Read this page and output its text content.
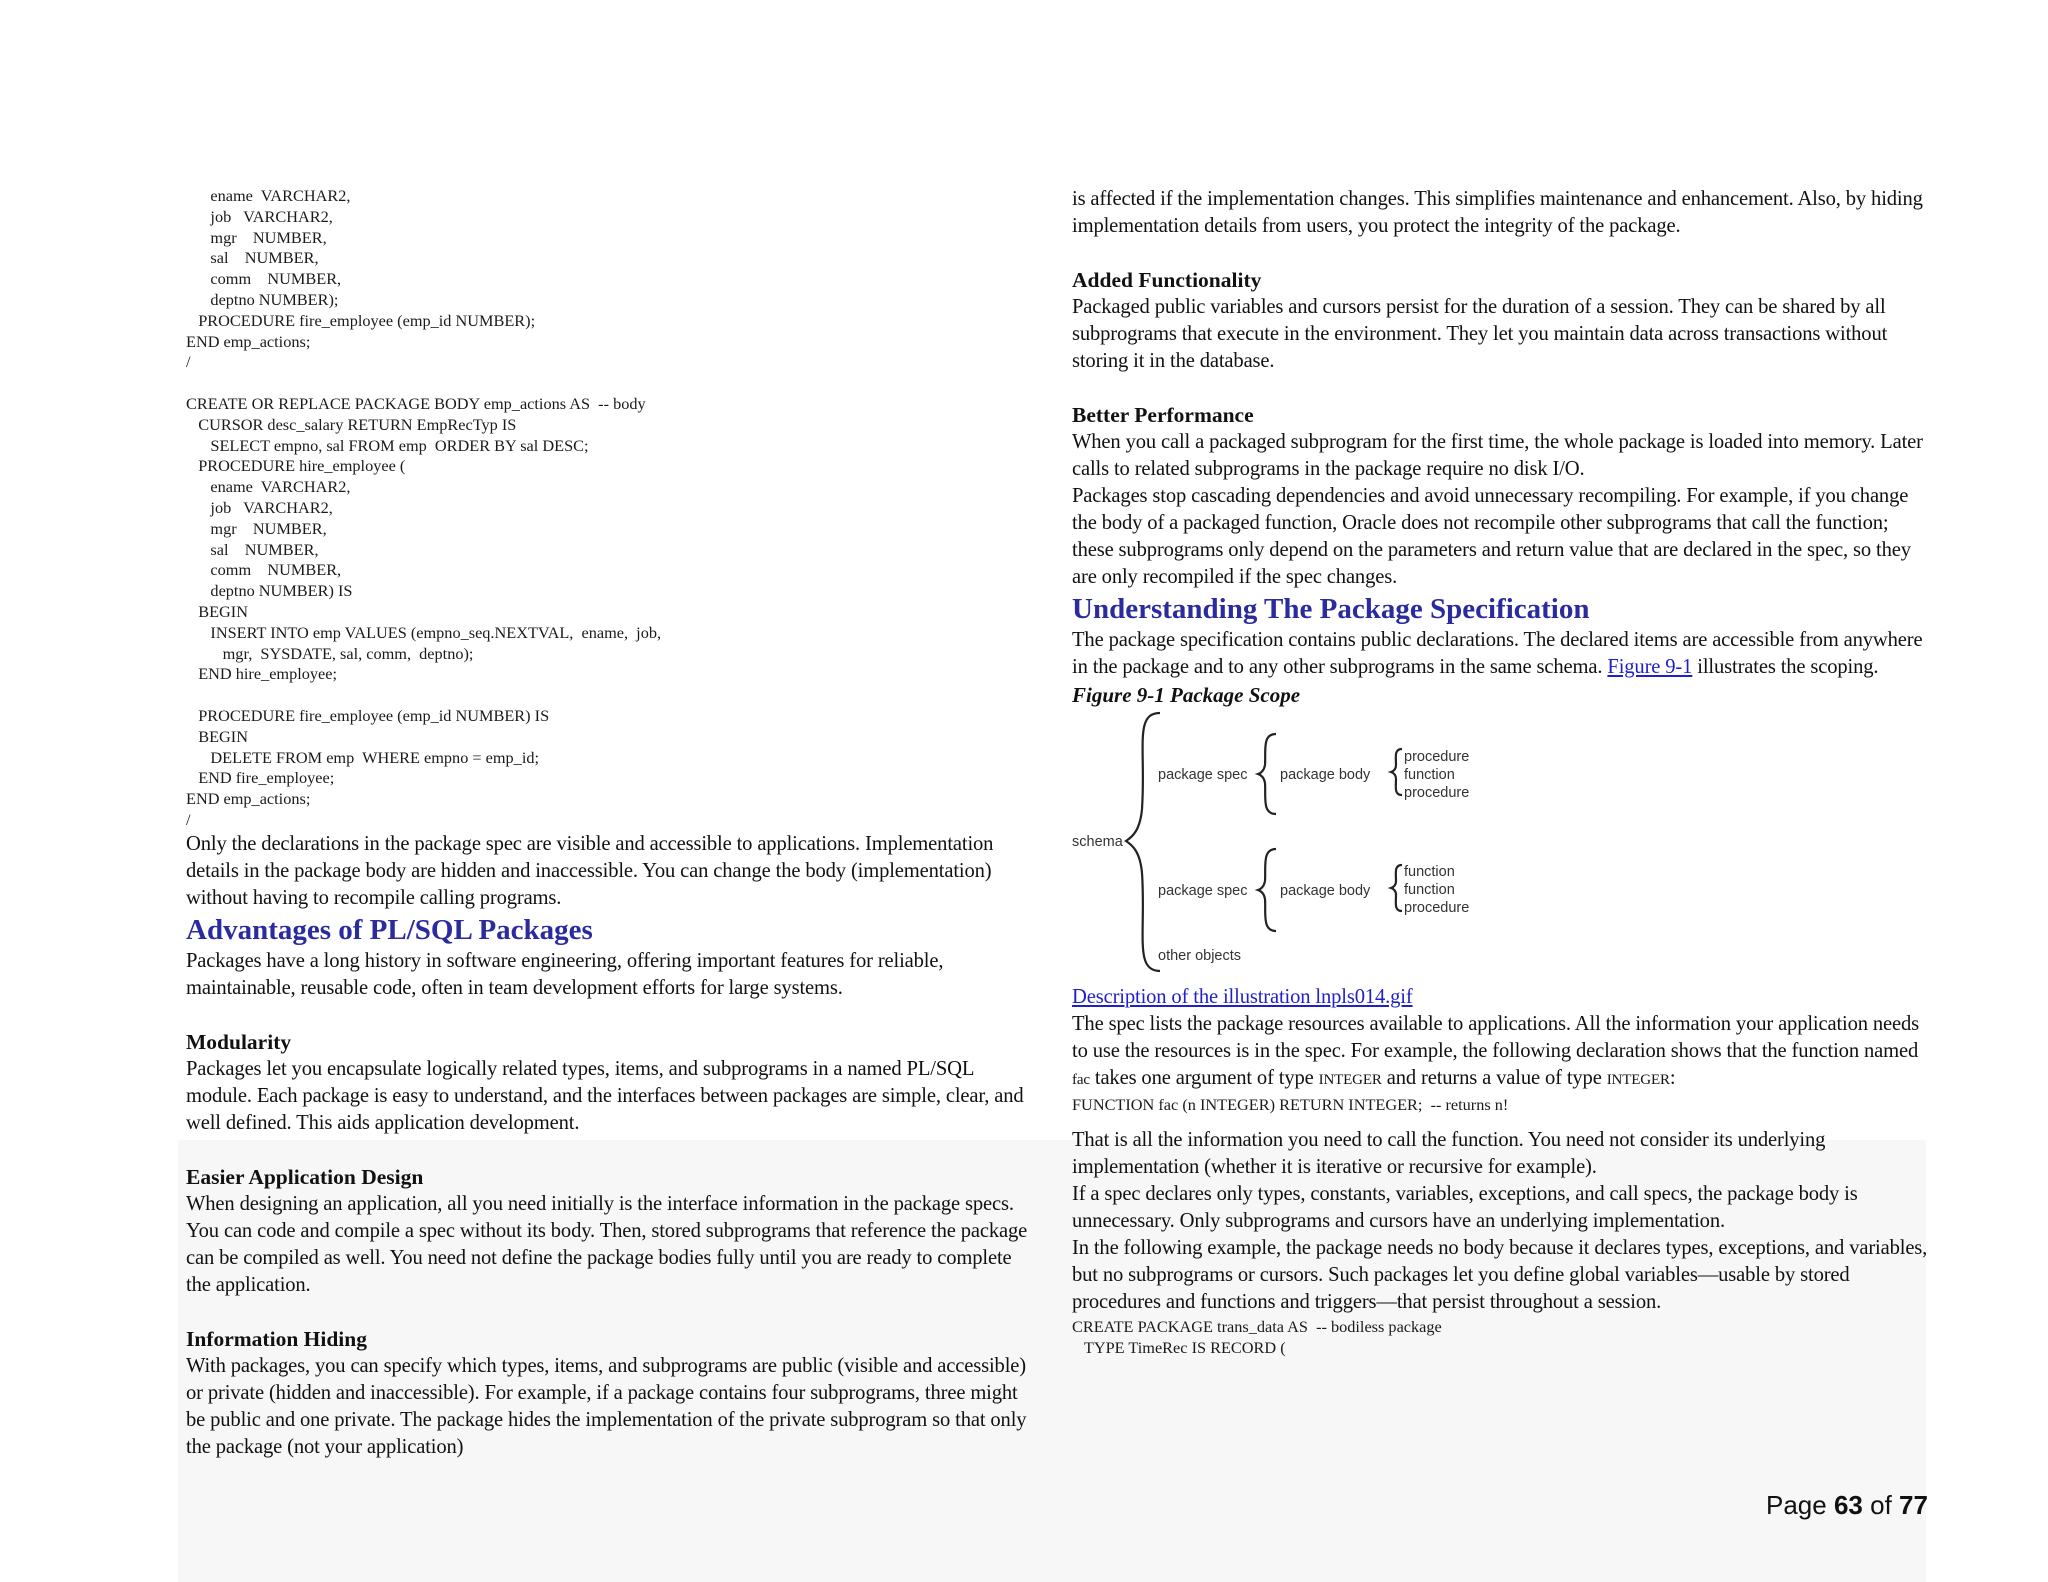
ename  VARCHAR2,
job   VARCHAR2,
mgr    NUMBER,
sal    NUMBER,
comm    NUMBER,
deptno NUMBER);
PROCEDURE fire_employee (emp_id NUMBER);
END emp_actions;
/

CREATE OR REPLACE PACKAGE BODY emp_actions AS  -- body
CURSOR desc_salary RETURN EmpRecTyp IS
SELECT empno, sal FROM emp  ORDER BY sal DESC;
PROCEDURE hire_employee (
ename  VARCHAR2,
job   VARCHAR2,
mgr    NUMBER,
sal    NUMBER,
comm    NUMBER,
deptno NUMBER) IS
BEGIN
INSERT INTO emp VALUES (empno_seq.NEXTVAL,  ename,  job,
mgr,  SYSDATE, sal, comm,  deptno);
END hire_employee;

PROCEDURE fire_employee (emp_id NUMBER) IS
BEGIN
DELETE FROM emp  WHERE empno = emp_id;
END fire_employee;
END emp_actions;
/

Only the declarations in the package spec are visible and accessible to applications. Implementation details in the package body are hidden and inaccessible. You can change the body (implementation) without having to recompile calling programs.

Advantages of PL/SQL Packages

Packages have a long history in software engineering, offering important features for reliable, maintainable, reusable code, often in team development efforts for large systems.

Modularity

Packages let you encapsulate logically related types, items, and subprograms in a named PL/SQL module. Each package is easy to understand, and the interfaces between packages are simple, clear, and well defined. This aids application development.

Easier Application Design

When designing an application, all you need initially is the interface information in the package specs. You can code and compile a spec without its body. Then, stored subprograms that reference the package can be compiled as well. You need not define the package bodies fully until you are ready to complete the application.

Information Hiding

With packages, you can specify which types, items, and subprograms are public (visible and accessible) or private (hidden and inaccessible). For example, if a package contains four subprograms, three might be public and one private. The package hides the implementation of the private subprogram so that only the package (not your application)

is affected if the implementation changes. This simplifies maintenance and enhancement. Also, by hiding implementation details from users, you protect the integrity of the package.

Added Functionality

Packaged public variables and cursors persist for the duration of a session. They can be shared by all subprograms that execute in the environment. They let you maintain data across transactions without storing it in the database.

Better Performance

When you call a packaged subprogram for the first time, the whole package is loaded into memory. Later calls to related subprograms in the package require no disk I/O.

Packages stop cascading dependencies and avoid unnecessary recompiling. For example, if you change the body of a packaged function, Oracle does not recompile other subprograms that call the function; these subprograms only depend on the parameters and return value that are declared in the spec, so they are only recompiled if the spec changes.

Understanding The Package Specification

The package specification contains public declarations. The declared items are accessible from anywhere in the package and to any other subprograms in the same schema. Figure 9-1 illustrates the scoping.

Figure 9-1 Package Scope

schema
package spec package body
procedure
function
procedure
package spec package body
function
function
procedure
other objects

Description of the illustration lnpls014.gif

The spec lists the package resources available to applications. All the information your application needs to use the resources is in the spec. For example, the following declaration shows that the function named fac takes one argument of type INTEGER and returns a value of type INTEGER:

FUNCTION fac (n INTEGER) RETURN INTEGER;  -- returns n!

That is all the information you need to call the function. You need not consider its underlying implementation (whether it is iterative or recursive for example).

If a spec declares only types, constants, variables, exceptions, and call specs, the package body is unnecessary. Only subprograms and cursors have an underlying implementation.

In the following example, the package needs no body because it declares types, exceptions, and variables, but no subprograms or cursors. Such packages let you define global variables—usable by stored procedures and functions and triggers—that persist throughout a session.

CREATE PACKAGE trans_data AS  -- bodiless package
TYPE TimeRec IS RECORD (
Page 63 of 77
